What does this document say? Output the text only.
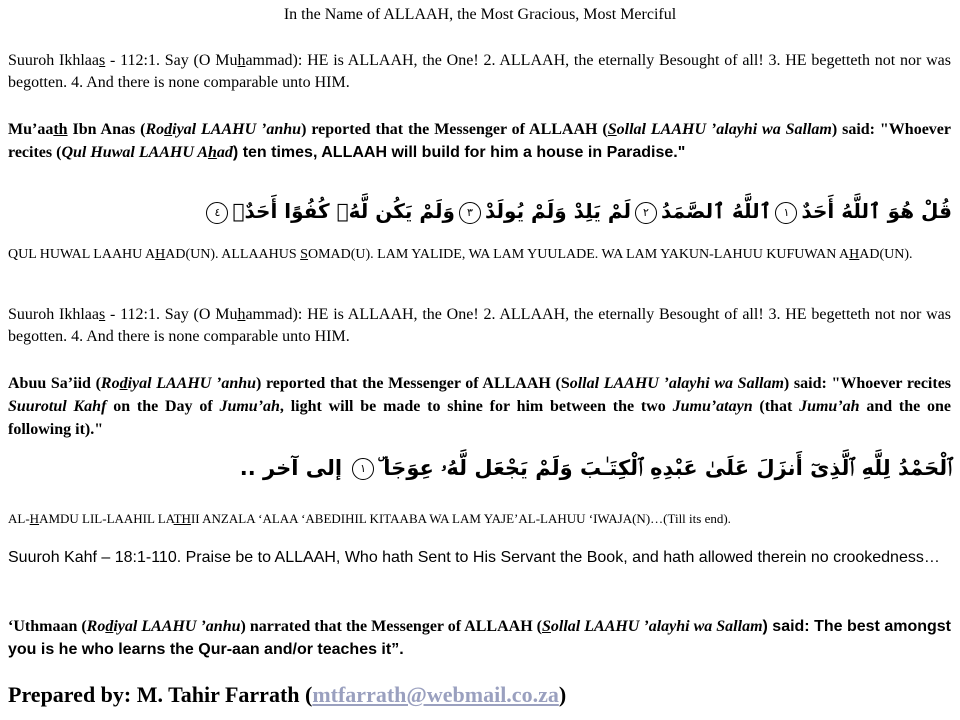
In the Name of ALLAAH, the Most Gracious, Most Merciful
Suuroh Ikhlaas - 112:1. Say (O Muhammad): HE is ALLAAH, the One! 2. ALLAAH, the eternally Besought of all! 3. HE begetteth not nor was begotten. 4. And there is none comparable unto HIM.
Mu’aath Ibn Anas (Rodiyal LAAHU ’anhu) reported that the Messenger of ALLAAH (Sollal LAAHU ’alayhi wa Sallam) said: "Whoever recites (Qul Huwal LAAHU Ahad) ten times, ALLAAH will build for him a house in Paradise."
قُلْ هُوَ ٱللَّهُ أَحَدٌ١ٱللَّهُ ٱلصَّمَدُ٢لَمْ يَلِدْ وَلَمْ يُولَدْ٣وَلَمْ يَكُن لَّهُۥ كُفُوًا أَحَدٌۢ٤
QUL HUWAL LAAHU AHAD(UN). ALLAAHUS SOMAD(U). LAM YALIDE, WA LAM YUULADE. WA LAM YAKUN-LAHUU KUFUWAN AHAD(UN).
Suuroh Ikhlaas - 112:1. Say (O Muhammad): HE is ALLAAH, the One! 2. ALLAAH, the eternally Besought of all! 3. HE begetteth not nor was begotten. 4. And there is none comparable unto HIM.
Abuu Sa’iid (Rodiyal LAAHU ’anhu) reported that the Messenger of ALLAAH (Sollal LAAHU ’alayhi wa Sallam) said: "Whoever recites Suurotul Kahf on the Day of Jumu’ah, light will be made to shine for him between the two Jumu’atayn (that Jumu’ah and the one following it)."
ٱلْحَمْدُ لِلَّهِ ٱلَّذِىٓ أَنزَلَ عَلَىٰ عَبْدِهِ ٱلْكِتَـٰبَ وَلَمْ يَجْعَل لَّهُۥ عِوَجَا ۜ١إلى آخر ..
AL-HAMDU LIL-LAAHIL LATHII ANZALA ‘ALAA ‘ABEDIHIL KITAABA WA LAM YAJE’AL-LAHUU ‘IWAJA(N)…(Till its end).
Suuroh Kahf – 18:1-110. Praise be to ALLAAH, Who hath Sent to His Servant the Book, and hath allowed therein no crookedness…
‘Uthmaan (Rodiyal LAAHU ’anhu) narrated that the Messenger of ALLAAH (Sollal LAAHU ’alayhi wa Sallam) said: The best amongst you is he who learns the Qur-aan and/or teaches it”.
Prepared by: M. Tahir Farrath (mtfarrath@webmail.co.za)
